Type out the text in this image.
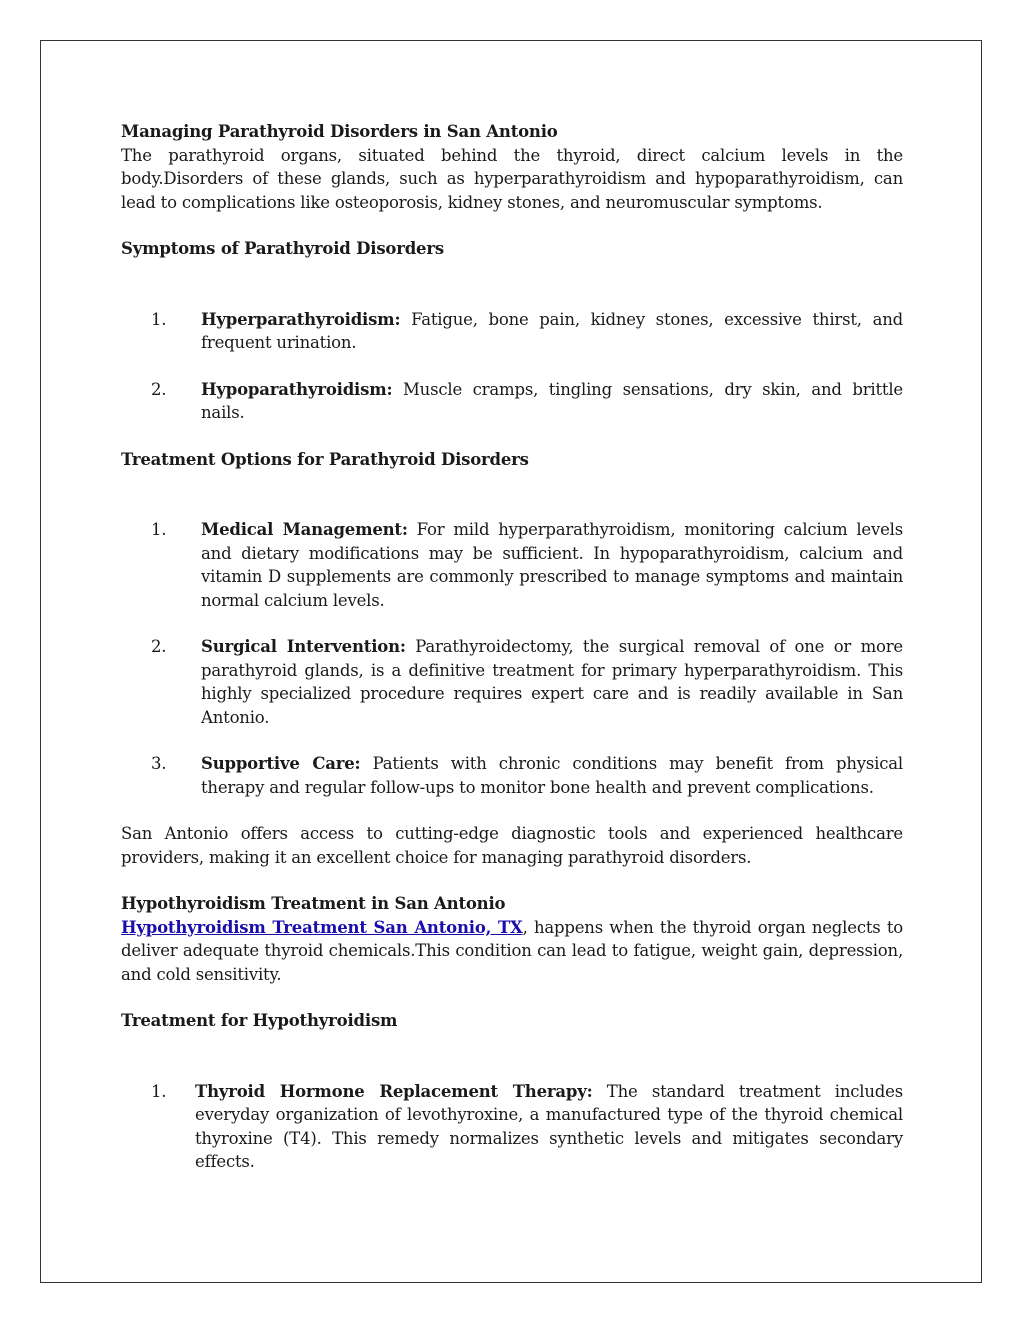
Managing Parathyroid Disorders in San Antonio

The parathyroid organs, situated behind the thyroid, direct calcium levels in the body.Disorders of these glands, such as hyperparathyroidism and hypoparathyroidism, can lead to complications like osteoporosis, kidney stones, and neuromuscular symptoms.

Symptoms of Parathyroid Disorders

1. Hyperparathyroidism: Fatigue, bone pain, kidney stones, excessive thirst, and frequent urination.
2. Hypoparathyroidism: Muscle cramps, tingling sensations, dry skin, and brittle nails.

Treatment Options for Parathyroid Disorders

1. Medical Management: For mild hyperparathyroidism, monitoring calcium levels and dietary modifications may be sufficient. In hypoparathyroidism, calcium and vitamin D supplements are commonly prescribed to manage symptoms and maintain normal calcium levels.
2. Surgical Intervention: Parathyroidectomy, the surgical removal of one or more parathyroid glands, is a definitive treatment for primary hyperparathyroidism. This highly specialized procedure requires expert care and is readily available in San Antonio.
3. Supportive Care: Patients with chronic conditions may benefit from physical therapy and regular follow-ups to monitor bone health and prevent complications.

San Antonio offers access to cutting-edge diagnostic tools and experienced healthcare providers, making it an excellent choice for managing parathyroid disorders.

Hypothyroidism Treatment in San Antonio

Hypothyroidism Treatment San Antonio, TX, happens when the thyroid organ neglects to deliver adequate thyroid chemicals.This condition can lead to fatigue, weight gain, depression, and cold sensitivity.

Treatment for Hypothyroidism

1. Thyroid Hormone Replacement Therapy: The standard treatment includes everyday organization of levothyroxine, a manufactured type of the thyroid chemical thyroxine (T4). This remedy normalizes synthetic levels and mitigates secondary effects.
